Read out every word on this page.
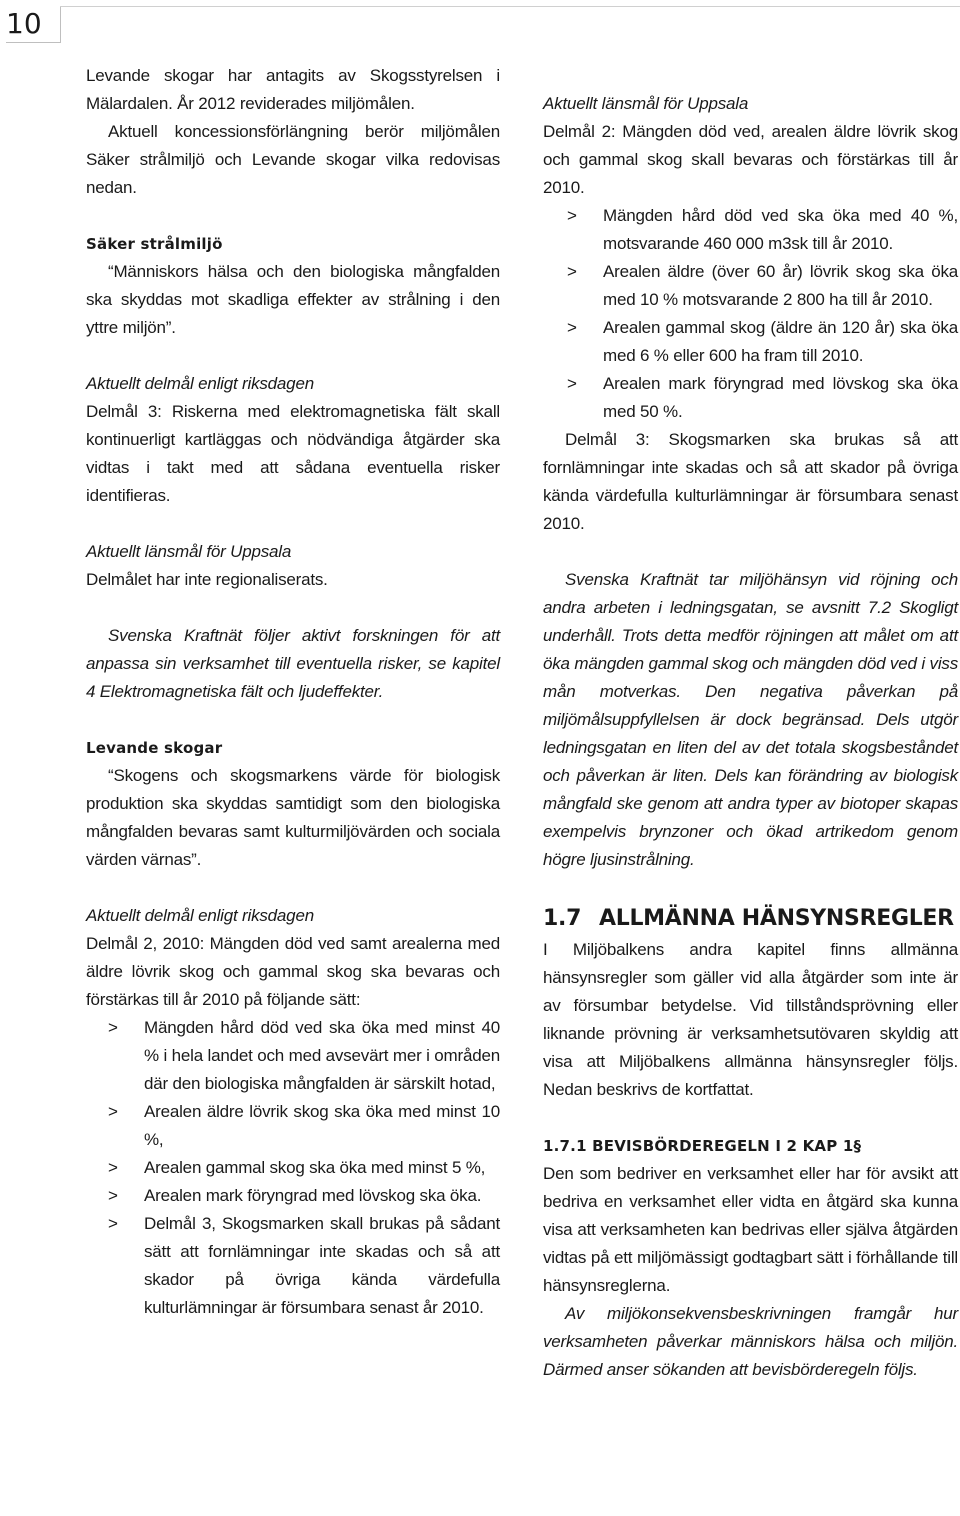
10

Levande skogar har antagits av Skogsstyrelsen i Mälardalen. År 2012 reviderades miljömålen.

Aktuell koncessionsförlängning berör miljömålen Säker strålmiljö och Levande skogar vilka redovisas nedan.

Säker strålmiljö

“Människors hälsa och den biologiska mångfalden ska skyddas mot skadliga effekter av strålning i den yttre miljön”.

Aktuellt delmål enligt riksdagen

Delmål 3: Riskerna med elektromagnetiska fält skall kontinuerligt kartläggas och nödvändiga åtgärder ska vidtas i takt med att sådana eventuella risker identifieras.

Aktuellt länsmål för Uppsala

Delmålet har inte regionaliserats.

Svenska Kraftnät följer aktivt forskningen för att anpassa sin verksamhet till eventuella risker, se kapitel 4 Elektromagnetiska fält och ljudeffekter.

Levande skogar

“Skogens och skogsmarkens värde för biologisk produktion ska skyddas samtidigt som den biologiska mångfalden bevaras samt kulturmiljövärden och sociala värden värnas”.

Aktuellt delmål enligt riksdagen

Delmål 2, 2010: Mängden död ved samt arealerna med äldre lövrik skog och gammal skog ska bevaras och förstärkas till år 2010 på följande sätt:

> Mängden hård död ved ska öka med minst 40 % i hela landet och med avsevärt mer i områden där den biologiska mångfalden är särskilt hotad,
> Arealen äldre lövrik skog ska öka med minst 10 %,
> Arealen gammal skog ska öka med minst 5 %,
> Arealen mark föryngrad med lövskog ska öka.
> Delmål 3, Skogsmarken skall brukas på sådant sätt att fornlämningar inte skadas och så att skador på övriga kända värdefulla kulturlämningar är försumbara senast år 2010.

Aktuellt länsmål för Uppsala

Delmål 2: Mängden död ved, arealen äldre lövrik skog och gammal skog skall bevaras och förstärkas till år 2010.

> Mängden hård död ved ska öka med 40 %, motsvarande 460 000 m3sk till år 2010.
> Arealen äldre (över 60 år) lövrik skog ska öka med 10 % motsvarande 2 800 ha till år 2010.
> Arealen gammal skog (äldre än 120 år) ska öka med 6 % eller 600 ha fram till 2010.
> Arealen mark föryngrad med lövskog ska öka med 50 %.

Delmål 3: Skogsmarken ska brukas så att fornlämningar inte skadas och så att skador på övriga kända värdefulla kulturlämningar är försumbara senast 2010.

Svenska Kraftnät tar miljöhänsyn vid röjning och andra arbeten i ledningsgatan, se avsnitt 7.2 Skogligt underhåll. Trots detta medför röjningen att målet om att öka mängden gammal skog och mängden död ved i viss mån motverkas. Den negativa påverkan på miljömålsuppfyllelsen är dock begränsad. Dels utgör ledningsgatan en liten del av det totala skogsbeståndet och påverkan är liten. Dels kan förändring av biologisk mångfald ske genom att andra typer av biotoper skapas exempelvis brynzoner och ökad artrikedom genom högre ljusinstrålning.

1.7 ALLMÄNNA HÄNSYNSREGLER

I Miljöbalkens andra kapitel finns allmänna hänsynsregler som gäller vid alla åtgärder som inte är av försumbar betydelse. Vid tillståndsprövning eller liknande prövning är verksamhetsutövaren skyldig att visa att Miljöbalkens allmänna hänsynsregler följs. Nedan beskrivs de kortfattat.

1.7.1 BEVISBÖRDEREGELN I 2 KAP 1§

Den som bedriver en verksamhet eller har för avsikt att bedriva en verksamhet eller vidta en åtgärd ska kunna visa att verksamheten kan bedrivas eller själva åtgärden vidtas på ett miljömässigt godtagbart sätt i förhållande till hänsynsreglerna.

Av miljökonsekvensbeskrivningen framgår hur verksamheten påverkar människors hälsa och miljön. Därmed anser sökanden att bevisbörderegeln följs.
